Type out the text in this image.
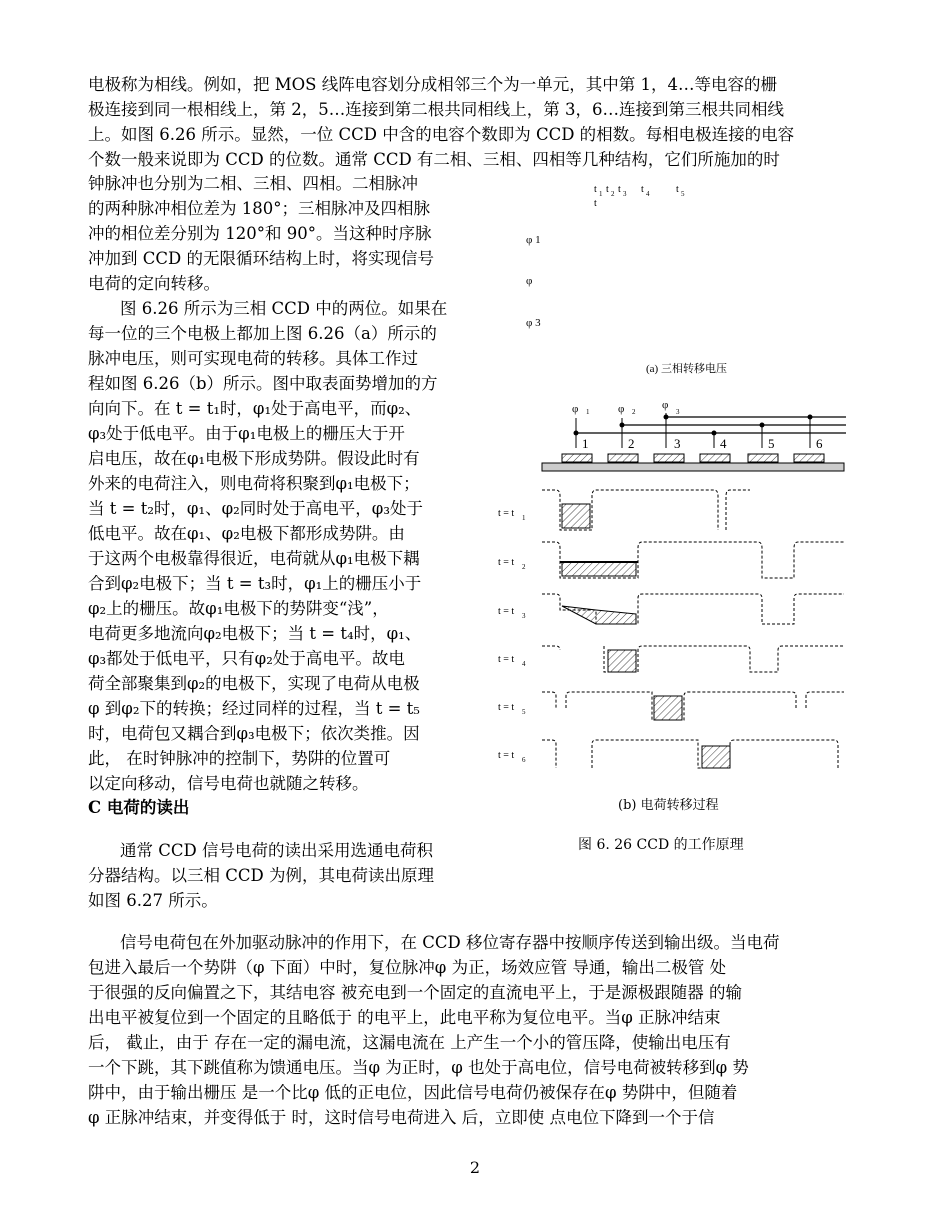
电极称为相线。例如，把 MOS 线阵电容划分成相邻三个为一单元，其中第 1，4…等电容的栅
极连接到同一根相线上，第 2，5…连接到第二根共同相线上，第 3，6…连接到第三根共同相线
上。如图 6.26 所示。显然，一位 CCD 中含的电容个数即为 CCD 的相数。每相电极连接的电容
个数一般来说即为 CCD 的位数。通常 CCD 有二相、三相、四相等几种结构，它们所施加的时
钟脉冲也分别为二相、三相、四相。二相脉冲
的两种脉冲相位差为 180°；三相脉冲及四相脉
冲的相位差分别为 120°和 90°。当这种时序脉
冲加到 CCD 的无限循环结构上时，将实现信号
电荷的定向转移。
图 6.26 所示为三相 CCD 中的两位。如果在
每一位的三个电极上都加上图 6.26（a）所示的
脉冲电压，则可实现电荷的转移。具体工作过
程如图 6.26（b）所示。图中取表面势增加的方
向向下。在 t = t₁时，φ₁处于高电平，而φ₂、
φ₃处于低电平。由于φ₁电极上的栅压大于开
启电压，故在φ₁电极下形成势阱。假设此时有
外来的电荷注入，则电荷将积聚到φ₁电极下；
当 t = t₂时，φ₁、φ₂同时处于高电平，φ₃处于
低电平。故在φ₁、φ₂电极下都形成势阱。由
于这两个电极靠得很近，电荷就从φ₁电极下耦
合到φ₂电极下；当 t = t₃时，φ₁上的栅压小于
φ₂上的栅压。故φ₁电极下的势阱变“浅”，
电荷更多地流向φ₂电极下；当 t = t₄时，φ₁、
φ₃都处于低电平，只有φ₂处于高电平。故电
荷全部聚集到φ₂的电极下，实现了电荷从电极
φ 到φ₂下的转换；经过同样的过程，当 t = t₅
时，电荷包又耦合到φ₃电极下；依次类推。因
此， 在时钟脉冲的控制下，势阱的位置可
以定向移动，信号电荷也就随之转移。
C 电荷的读出
通常 CCD 信号电荷的读出采用选通电荷积
分器结构。以三相 CCD 为例，其电荷读出原理
如图 6.27 所示。
t 1 t 2 t 3 t 4	t 5
t
φ 1
φ
φ 3
(a) 三相转移电压
φ 1	φ 2
φ
3
1	2	3	4	5	6
t = t 1
t = t 2
t = t 3
t = t 4
t = t 5
t = t 6
(b) 电荷转移过程
图 6. 26 CCD 的工作原理
信号电荷包在外加驱动脉冲的作用下，在 CCD 移位寄存器中按顺序传送到输出级。当电荷
包进入最后一个势阱（φ 下面）中时，复位脉冲φ 为正，场效应管 导通，输出二极管 处
于很强的反向偏置之下，其结电容 被充电到一个固定的直流电平上，于是源极跟随器 的输
出电平被复位到一个固定的且略低于 的电平上，此电平称为复位电平。当φ 正脉冲结束
后， 截止，由于 存在一定的漏电流，这漏电流在 上产生一个小的管压降，使输出电压有
一个下跳，其下跳值称为馈通电压。当φ 为正时，φ 也处于高电位，信号电荷被转移到φ 势
阱中，由于输出栅压 是一个比φ 低的正电位，因此信号电荷仍被保存在φ 势阱中，但随着
φ 正脉冲结束，并变得低于 时，这时信号电荷进入 后，立即使 点电位下降到一个于信
2
